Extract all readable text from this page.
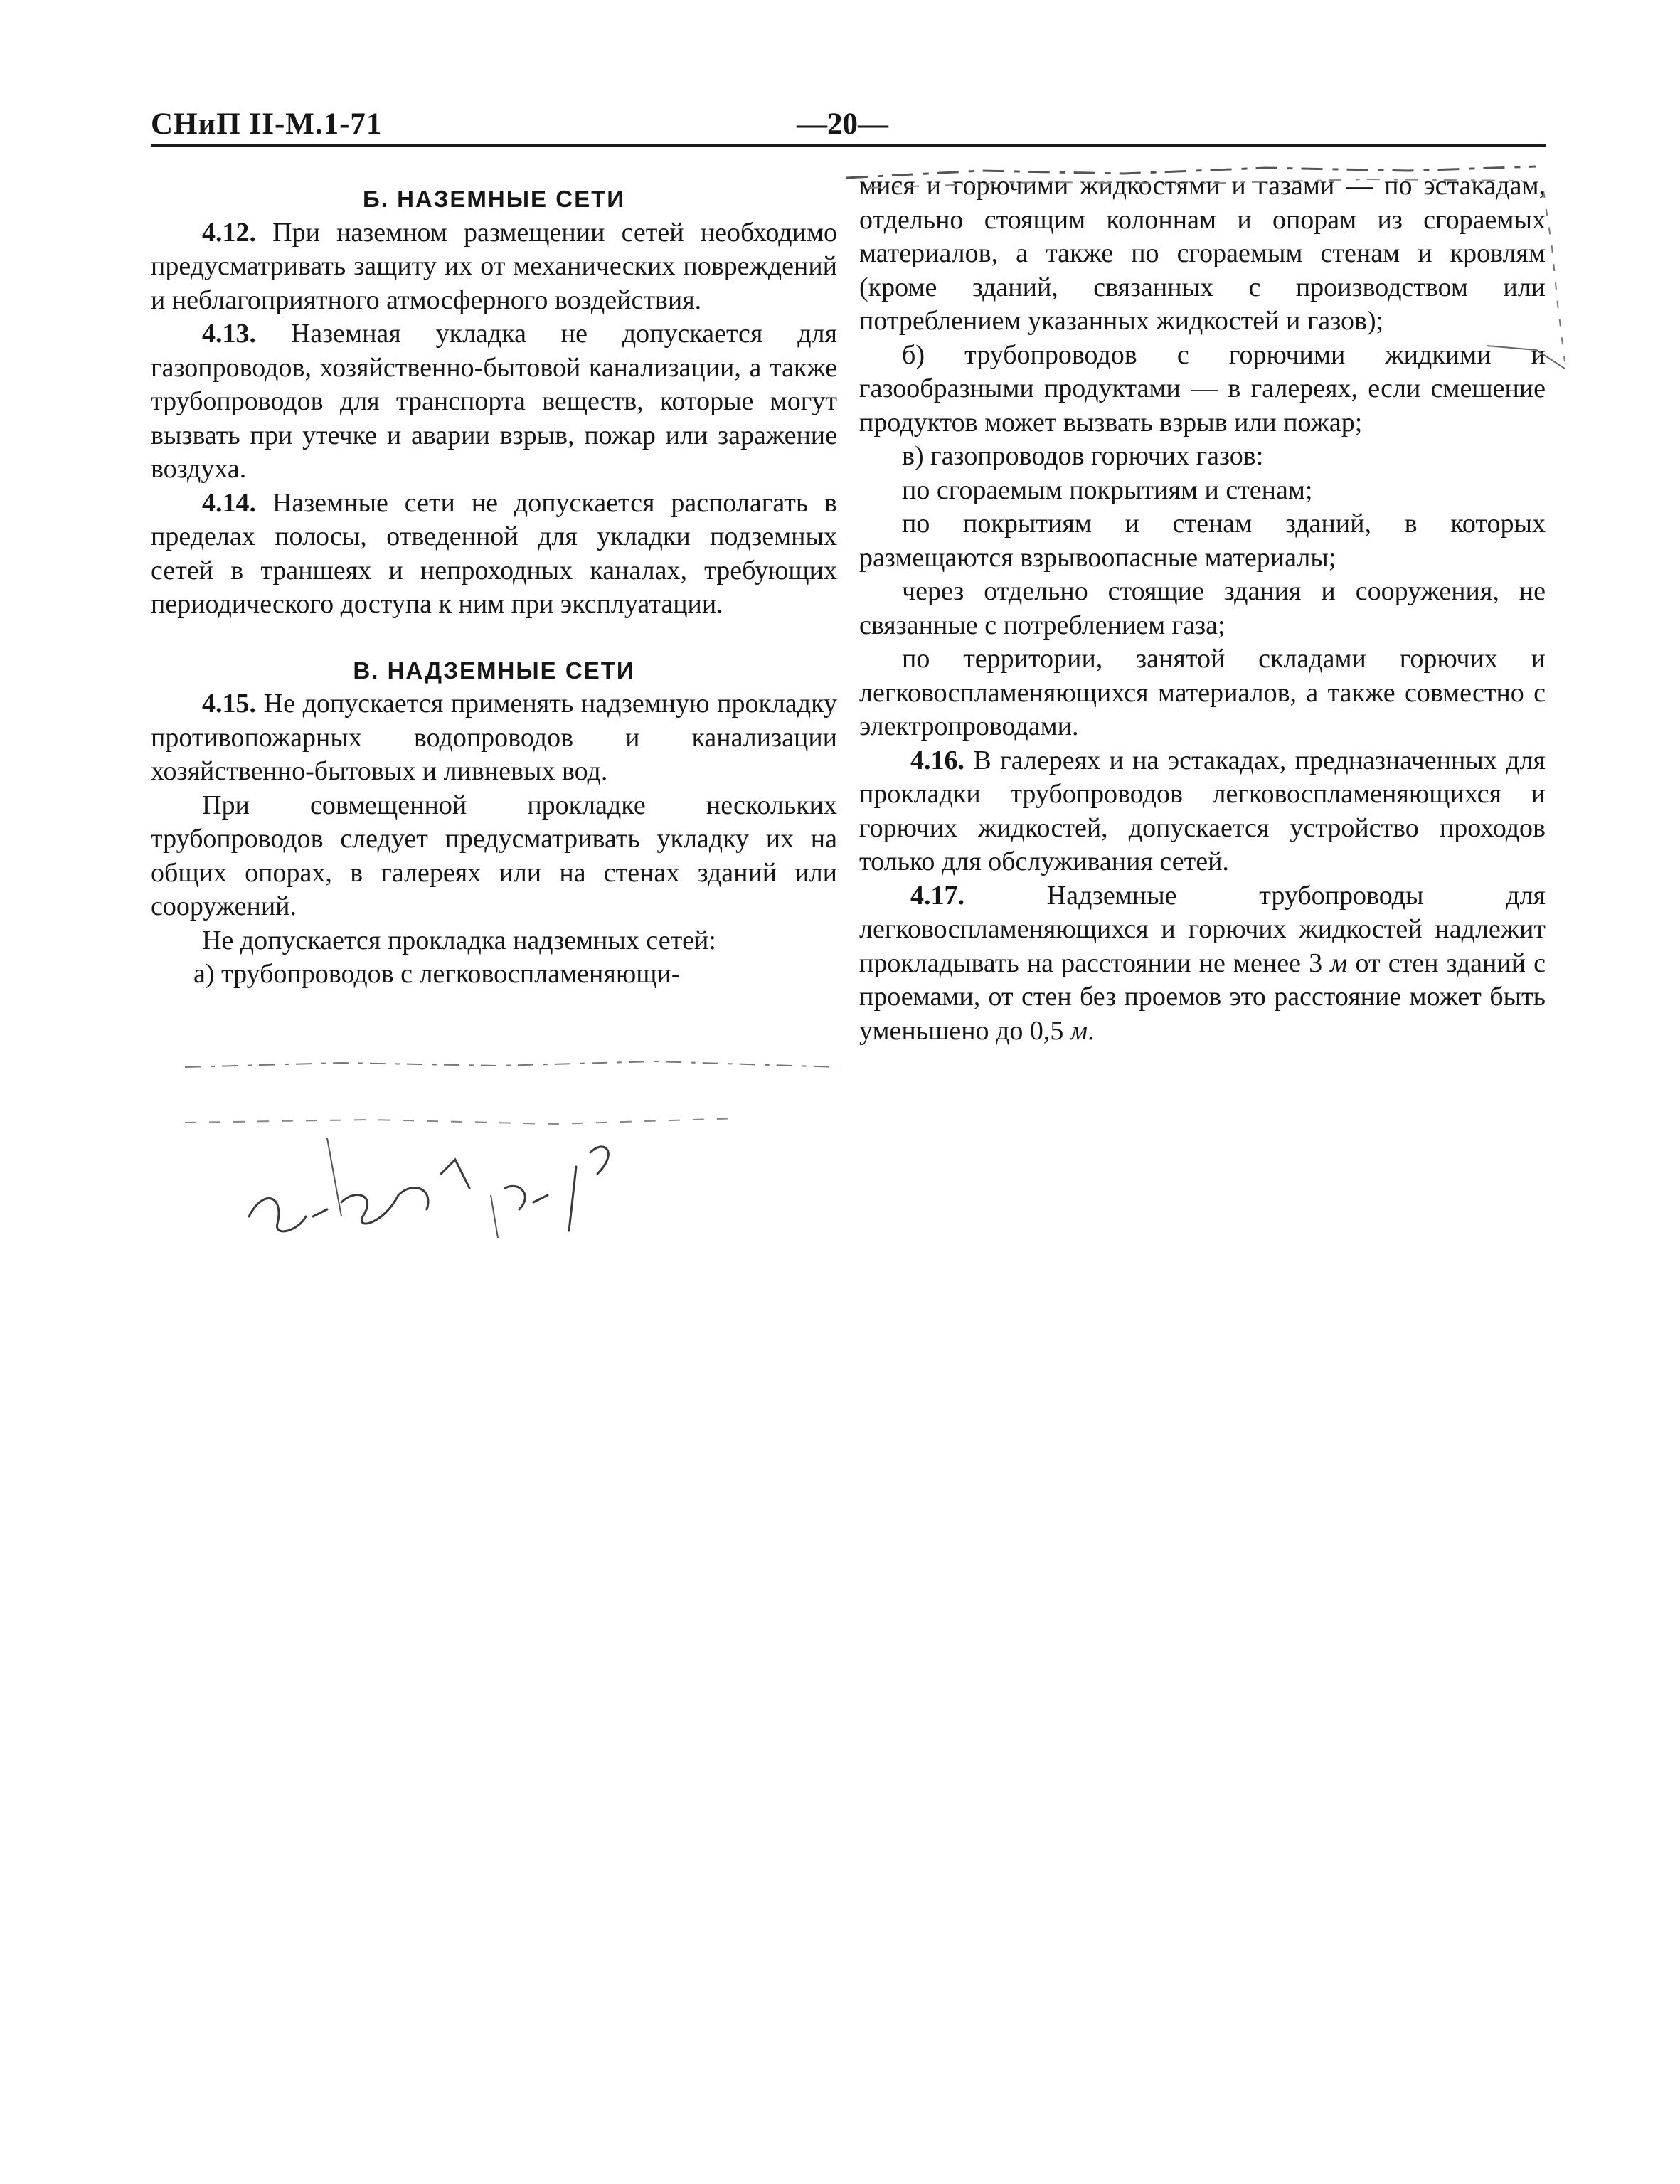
СНиП II-М.1-71	—20—

Б. НАЗЕМНЫЕ СЕТИ

4.12. При наземном размещении сетей необходимо предусматривать защиту их от механических повреждений и неблагоприятного атмосферного воздействия.

4.13. Наземная укладка не допускается для газопроводов, хозяйственно-бытовой канализации, а также трубопроводов для транспорта веществ, которые могут вызвать при утечке и аварии взрыв, пожар или заражение воздуха.

4.14. Наземные сети не допускается располагать в пределах полосы, отведенной для укладки подземных сетей в траншеях и непроходных каналах, требующих периодического доступа к ним при эксплуатации.

В. НАДЗЕМНЫЕ СЕТИ

4.15. Не допускается применять надземную прокладку противопожарных водопроводов и канализации хозяйственно-бытовых и ливневых вод.

При совмещенной прокладке нескольких трубопроводов следует предусматривать укладку их на общих опорах, в галереях или на стенах зданий или сооружений.

Не допускается прокладка надземных сетей:

а) трубопроводов с легковоспламеняющи-

мися и горючими жидкостями и газами — по эстакадам, отдельно стоящим колоннам и опорам из сгораемых материалов, а также по сгораемым стенам и кровлям (кроме зданий, связанных с производством или потреблением указанных жидкостей и газов);

б) трубопроводов с горючими жидкими и газообразными продуктами — в галереях, если смешение продуктов может вызвать взрыв или пожар;

в) газопроводов горючих газов:

по сгораемым покрытиям и стенам;

по покрытиям и стенам зданий, в которых размещаются взрывоопасные материалы;

через отдельно стоящие здания и сооружения, не связанные с потреблением газа;

по территории, занятой складами горючих и легковоспламеняющихся материалов, а также совместно с электропроводами.

4.16. В галереях и на эстакадах, предназначенных для прокладки трубопроводов легковоспламеняющихся и горючих жидкостей, допускается устройство проходов только для обслуживания сетей.

4.17. Надземные трубопроводы для легковоспламеняющихся и горючих жидкостей надлежит прокладывать на расстоянии не менее 3 м от стен зданий с проемами, от стен без проемов это расстояние может быть уменьшено до 0,5 м.
